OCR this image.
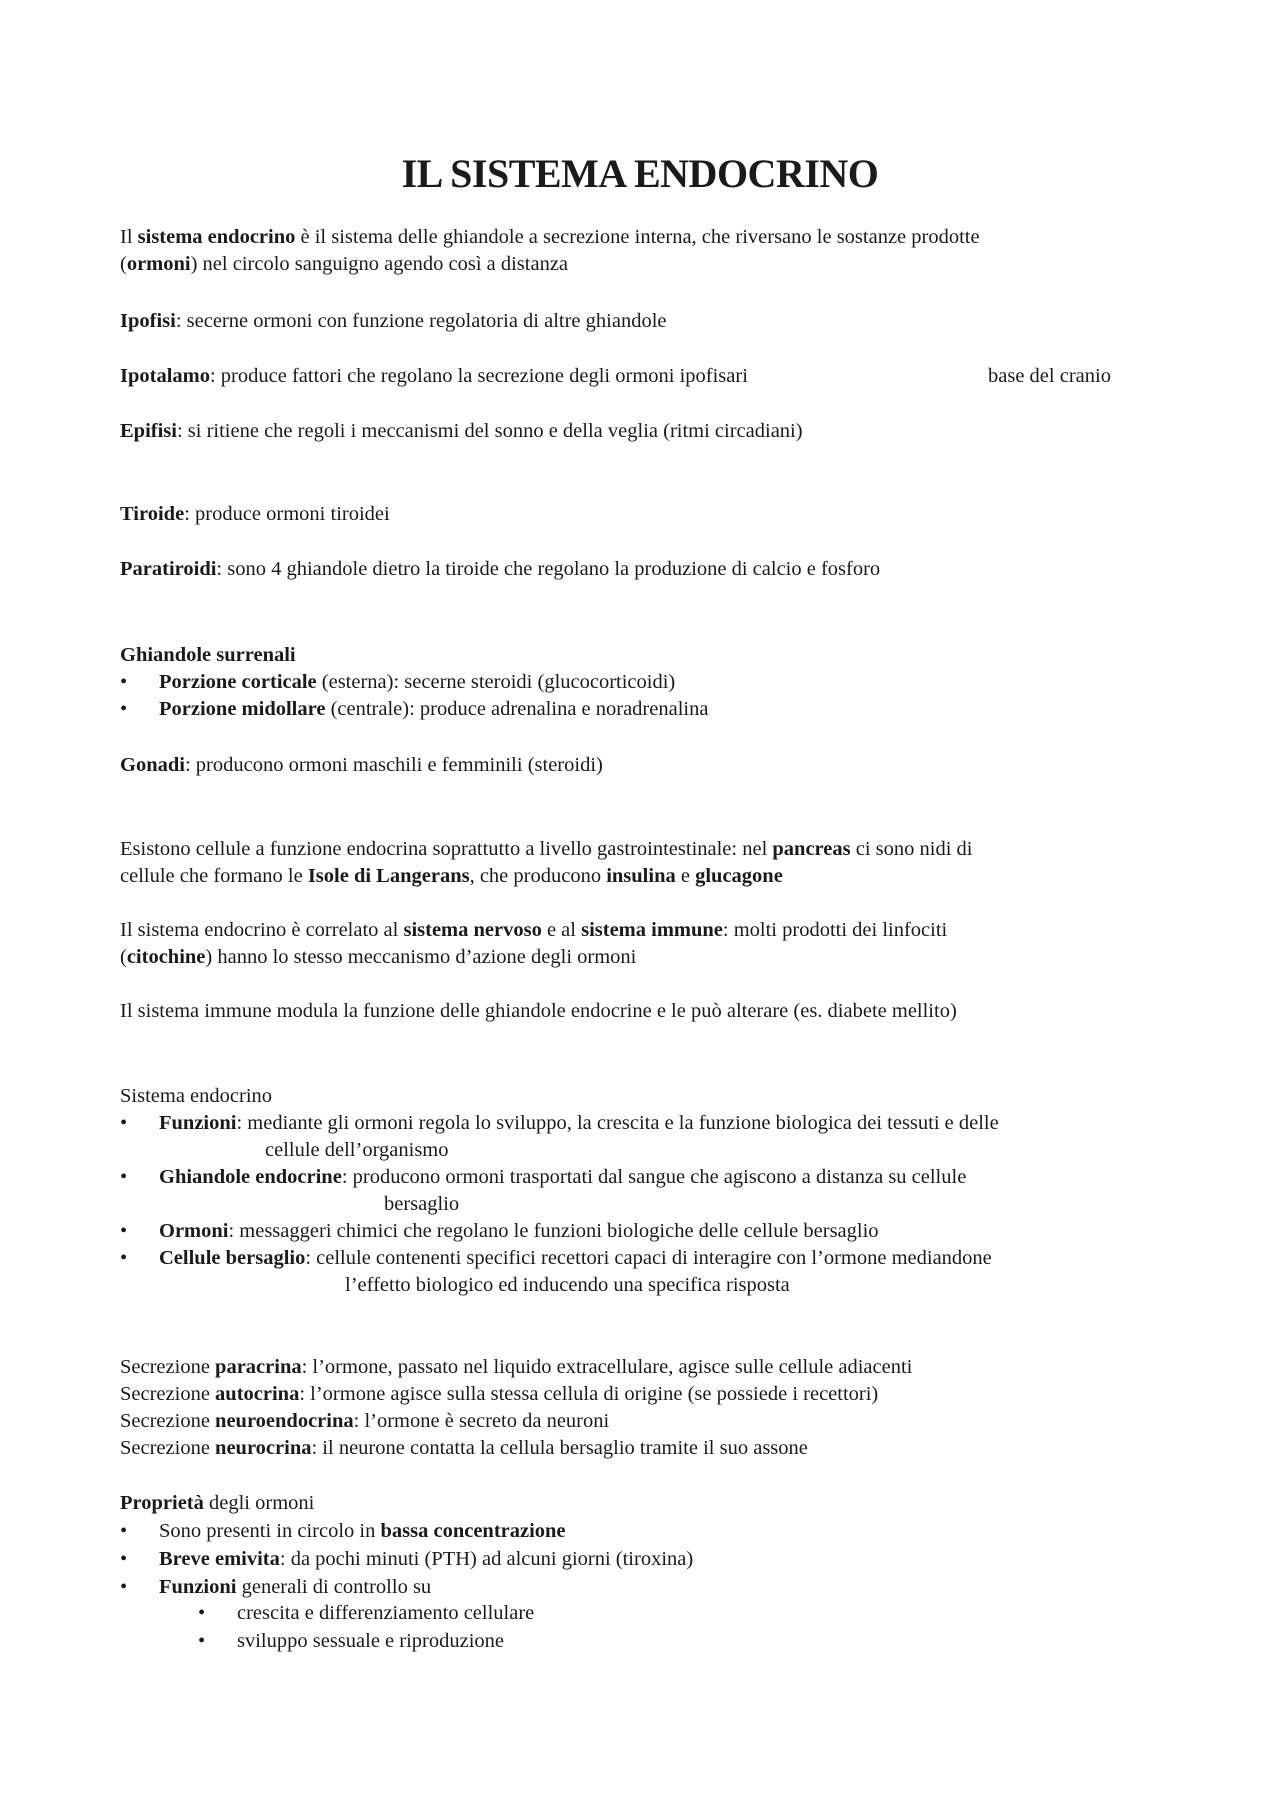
IL SISTEMA ENDOCRINO
Il sistema endocrino è il sistema delle ghiandole a secrezione interna, che riversano le sostanze prodotte
(ormoni) nel circolo sanguigno agendo così a distanza
Ipofisi: secerne ormoni con funzione regolatoria di altre ghiandole
Ipotalamo: produce fattori che regolano la secrezione degli ormoni ipofisari	base del cranio
Epifisi: si ritiene che regoli i meccanismi del sonno e della veglia (ritmi circadiani)
Tiroide: produce ormoni tiroidei
Paratiroidi: sono 4 ghiandole dietro la tiroide che regolano la produzione di calcio e fosforo
Ghiandole surrenali
• Porzione corticale (esterna): secerne steroidi (glucocorticoidi)
• Porzione midollare (centrale): produce adrenalina e noradrenalina
Gonadi: producono ormoni maschili e femminili (steroidi)
Esistono cellule a funzione endocrina soprattutto a livello gastrointestinale: nel pancreas ci sono nidi di
cellule che formano le Isole di Langerans, che producono insulina e glucagone
Il sistema endocrino è correlato al sistema nervoso e al sistema immune: molti prodotti dei linfociti
(citochine) hanno lo stesso meccanismo d’azione degli ormoni
Il sistema immune modula la funzione delle ghiandole endocrine e le può alterare (es. diabete mellito)
Sistema endocrino
• Funzioni: mediante gli ormoni regola lo sviluppo, la crescita e la funzione biologica dei tessuti e delle
cellule dell’organismo
• Ghiandole endocrine: producono ormoni trasportati dal sangue che agiscono a distanza su cellule
bersaglio
• Ormoni: messaggeri chimici che regolano le funzioni biologiche delle cellule bersaglio
• Cellule bersaglio: cellule contenenti specifici recettori capaci di interagire con l’ormone mediandone
l’effetto biologico ed inducendo una specifica risposta
Secrezione paracrina: l’ormone, passato nel liquido extracellulare, agisce sulle cellule adiacenti
Secrezione autocrina: l’ormone agisce sulla stessa cellula di origine (se possiede i recettori)
Secrezione neuroendocrina: l’ormone è secreto da neuroni
Secrezione neurocrina: il neurone contatta la cellula bersaglio tramite il suo assone
Proprietà degli ormoni
• Sono presenti in circolo in bassa concentrazione
• Breve emivita: da pochi minuti (PTH) ad alcuni giorni (tiroxina)
• Funzioni generali di controllo su
• crescita e differenziamento cellulare
• sviluppo sessuale e riproduzione
